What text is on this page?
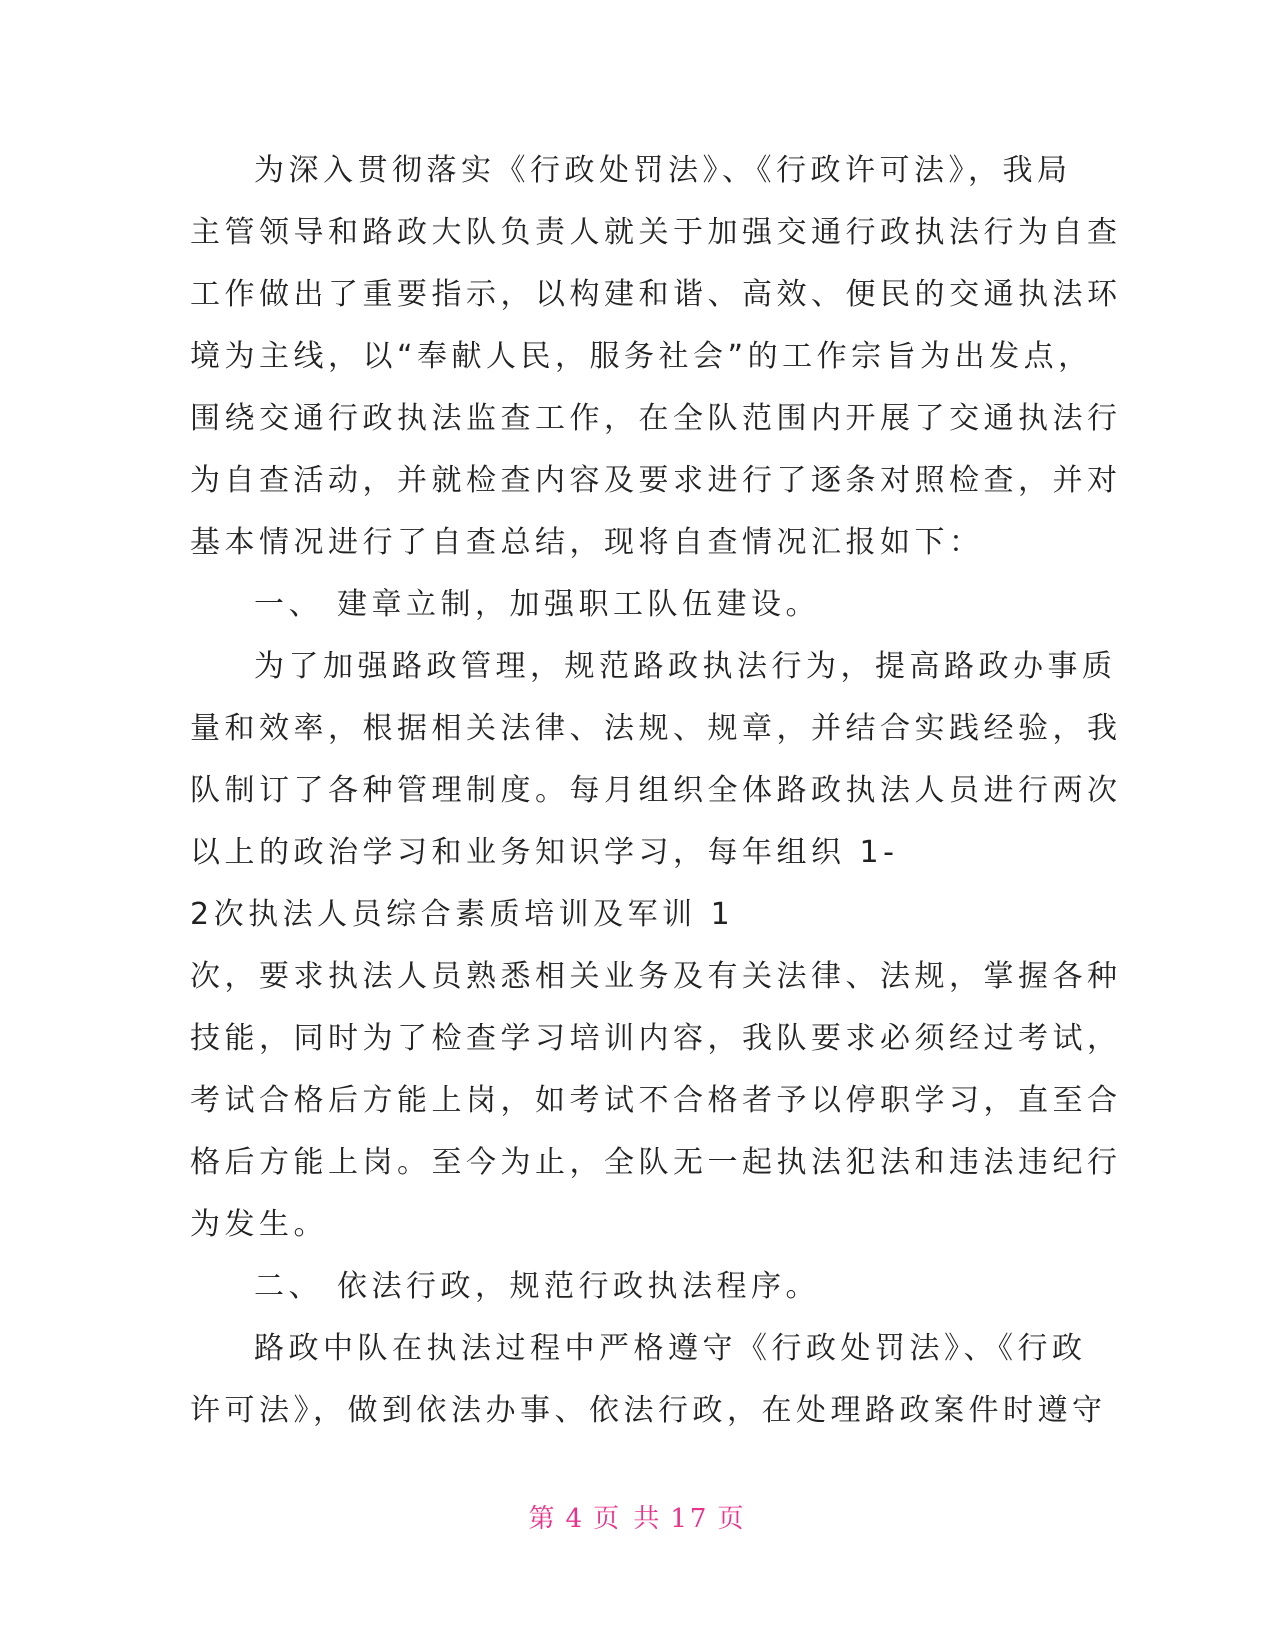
为深入贯彻落实《行政处罚法》、《行政许可法》，我局
主管领导和路政大队负责人就关于加强交通行政执法行为自查
工作做出了重要指示，以构建和谐、高效、便民的交通执法环
境为主线，以“奉献人民，服务社会”的工作宗旨为出发点，
围绕交通行政执法监查工作，在全队范围内开展了交通执法行
为自查活动，并就检查内容及要求进行了逐条对照检查，并对
基本情况进行了自查总结，现将自查情况汇报如下：
一、 建章立制，加强职工队伍建设。
为了加强路政管理，规范路政执法行为，提高路政办事质
量和效率，根据相关法律、法规、规章，并结合实践经验，我
队制订了各种管理制度。每月组织全体路政执法人员进行两次
以上的政治学习和业务知识学习，每年组织 1-
2次执法人员综合素质培训及军训 1
次，要求执法人员熟悉相关业务及有关法律、法规，掌握各种
技能，同时为了检查学习培训内容，我队要求必须经过考试，
考试合格后方能上岗，如考试不合格者予以停职学习，直至合
格后方能上岗。至今为止，全队无一起执法犯法和违法违纪行
为发生。
二、 依法行政，规范行政执法程序。
路政中队在执法过程中严格遵守《行政处罚法》、《行政
许可法》，做到依法办事、依法行政，在处理路政案件时遵守
第 4 页 共 17 页
